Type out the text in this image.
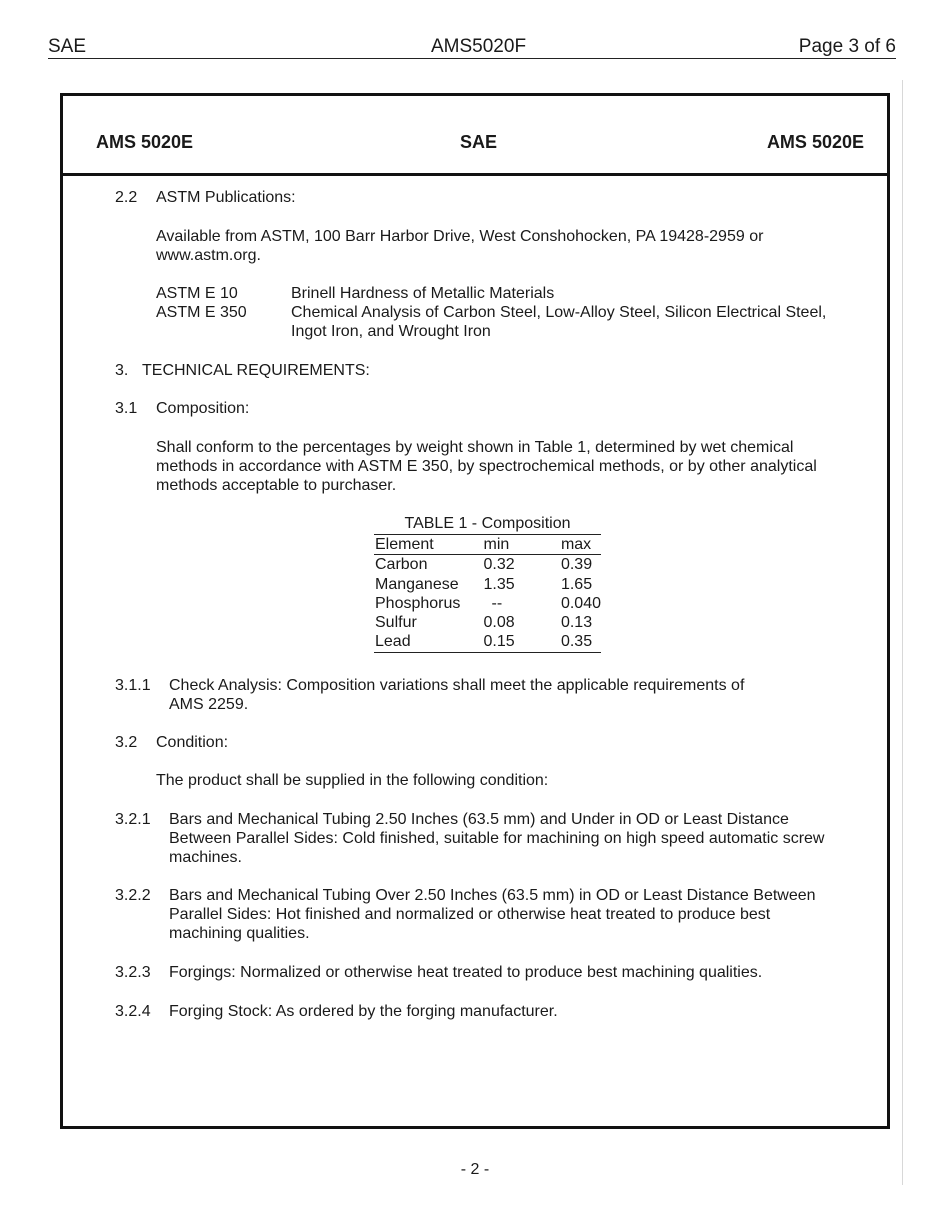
SAE	AMS5020F	Page 3 of 6
AMS 5020E	SAE	AMS 5020E
2.2 ASTM Publications:
Available from ASTM, 100 Barr Harbor Drive, West Conshohocken, PA 19428-2959 or
www.astm.org.
ASTM E 10	Brinell Hardness of Metallic Materials
ASTM E 350	Chemical Analysis of Carbon Steel, Low-Alloy Steel, Silicon Electrical Steel,
Ingot Iron, and Wrought Iron
3. TECHNICAL REQUIREMENTS:
3.1 Composition:
Shall conform to the percentages by weight shown in Table 1, determined by wet chemical
methods in accordance with ASTM E 350, by spectrochemical methods, or by other analytical
methods acceptable to purchaser.
TABLE 1 - Composition
Element	min	max
Carbon	0.32	0.39
Manganese	1.35	1.65
Phosphorus	--	0.040
Sulfur	0.08	0.13
Lead	0.15	0.35
3.1.1 Check Analysis: Composition variations shall meet the applicable requirements of
AMS 2259.
3.2 Condition:
The product shall be supplied in the following condition:
3.2.1 Bars and Mechanical Tubing 2.50 Inches (63.5 mm) and Under in OD or Least Distance
Between Parallel Sides: Cold finished, suitable for machining on high speed automatic screw
machines.
3.2.2 Bars and Mechanical Tubing Over 2.50 Inches (63.5 mm) in OD or Least Distance Between
Parallel Sides: Hot finished and normalized or otherwise heat treated to produce best
machining qualities.
3.2.3 Forgings: Normalized or otherwise heat treated to produce best machining qualities.
3.2.4 Forging Stock: As ordered by the forging manufacturer.
- 2 -
